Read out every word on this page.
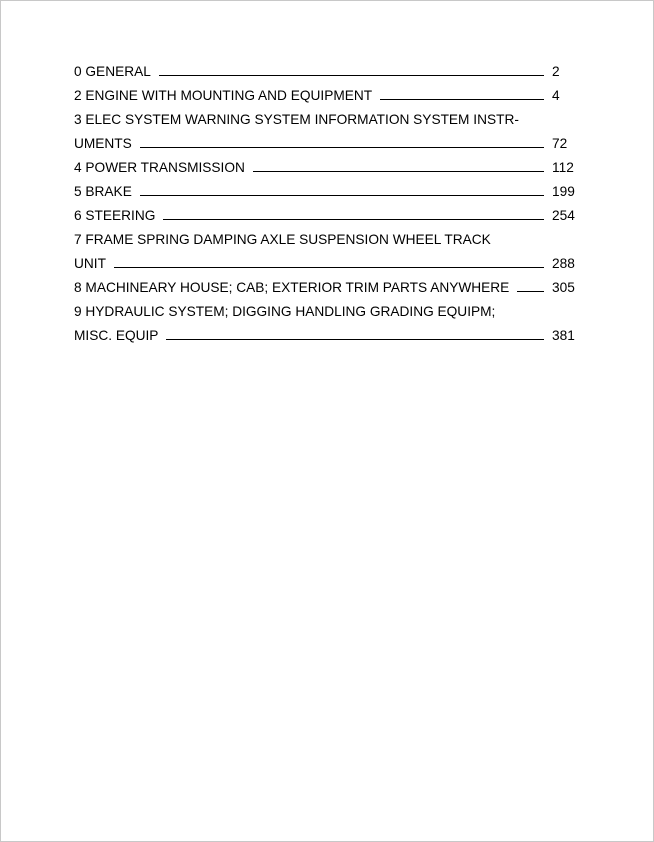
0 GENERAL	2
2 ENGINE WITH MOUNTING AND EQUIPMENT	4
3 ELEC SYSTEM WARNING SYSTEM INFORMATION SYSTEM INSTR-
UMENTS	72
4 POWER TRANSMISSION	112
5 BRAKE	199
6 STEERING	254
7 FRAME SPRING DAMPING AXLE SUSPENSION WHEEL TRACK
UNIT	288
8 MACHINEARY HOUSE; CAB; EXTERIOR TRIM PARTS ANYWHERE	305
9 HYDRAULIC SYSTEM; DIGGING HANDLING GRADING EQUIPM;
MISC. EQUIP	381
